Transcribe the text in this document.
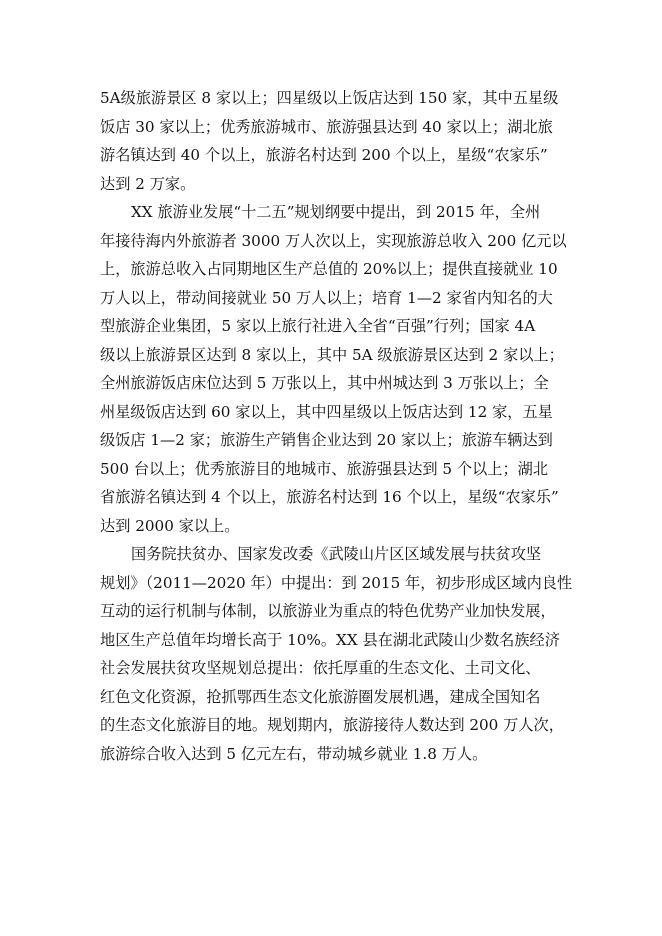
5A级旅游景区 8 家以上；四星级以上饭店达到 150 家，其中五星级
饭店 30 家以上；优秀旅游城市、旅游强县达到 40 家以上；湖北旅
游名镇达到 40 个以上，旅游名村达到 200 个以上，星级“农家乐”
达到 2 万家。
XX 旅游业发展“十二五”规划纲要中提出，到 2015 年，全州
年接待海内外旅游者 3000 万人次以上，实现旅游总收入 200 亿元以
上，旅游总收入占同期地区生产总值的 20%以上；提供直接就业 10
万人以上，带动间接就业 50 万人以上；培育 1—2 家省内知名的大
型旅游企业集团，5 家以上旅行社进入全省“百强”行列；国家 4A
级以上旅游景区达到 8 家以上，其中 5A 级旅游景区达到 2 家以上；
全州旅游饭店床位达到 5 万张以上，其中州城达到 3 万张以上；全
州星级饭店达到 60 家以上，其中四星级以上饭店达到 12 家，五星
级饭店 1—2 家；旅游生产销售企业达到 20 家以上；旅游车辆达到
500 台以上；优秀旅游目的地城市、旅游强县达到 5 个以上；湖北
省旅游名镇达到 4 个以上，旅游名村达到 16 个以上，星级“农家乐”
达到 2000 家以上。
国务院扶贫办、国家发改委《武陵山片区区域发展与扶贫攻坚
规划》（2011—2020 年）中提出：到 2015 年，初步形成区域内良性
互动的运行机制与体制，以旅游业为重点的特色优势产业加快发展，
地区生产总值年均增长高于 10%。XX 县在湖北武陵山少数名族经济
社会发展扶贫攻坚规划总提出：依托厚重的生态文化、土司文化、
红色文化资源，抢抓鄂西生态文化旅游圈发展机遇，建成全国知名
的生态文化旅游目的地。规划期内，旅游接待人数达到 200 万人次，
旅游综合收入达到 5 亿元左右，带动城乡就业 1.8 万人。
